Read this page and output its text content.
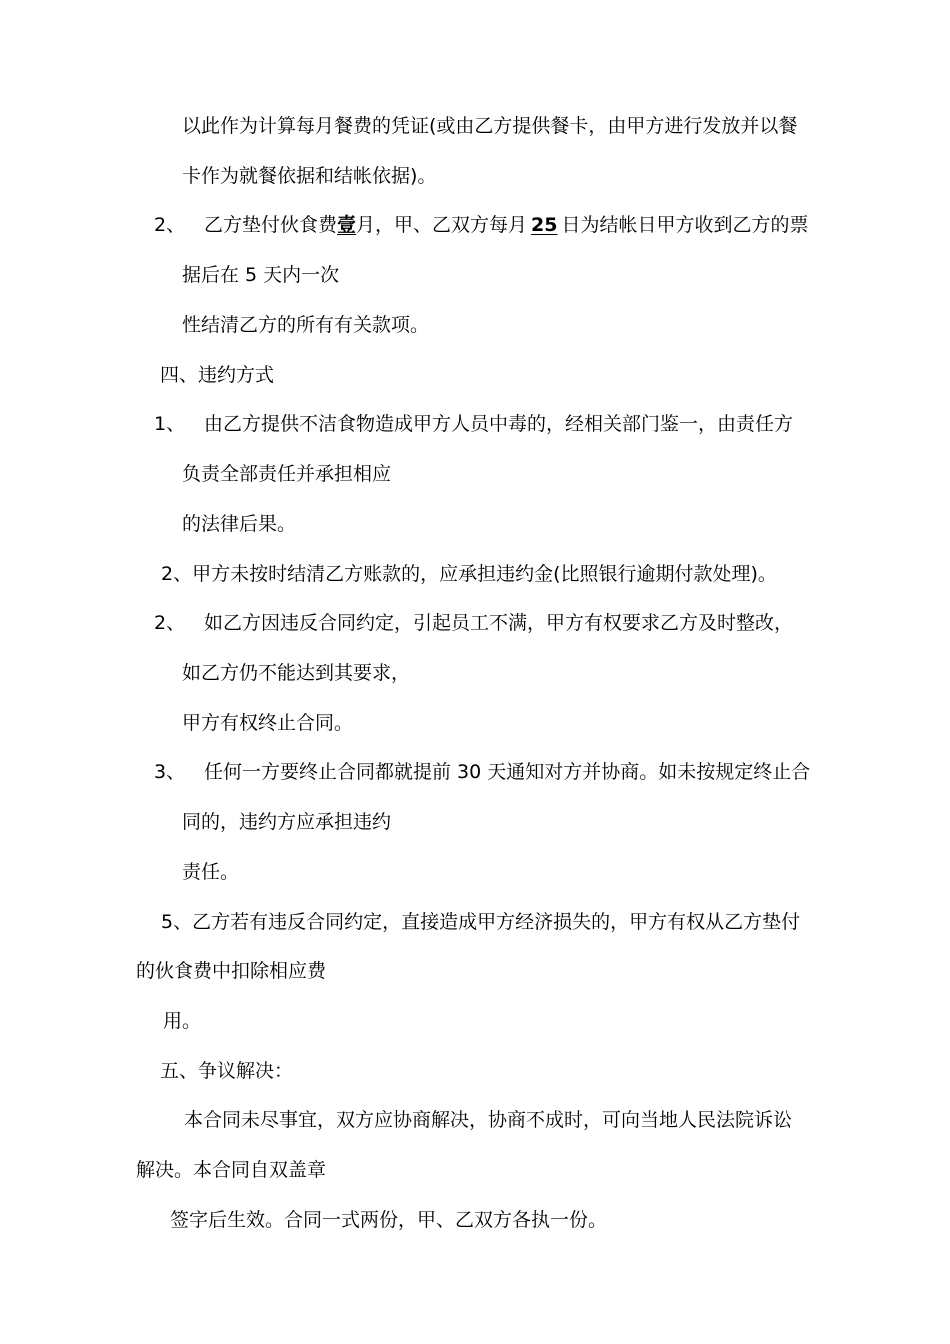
以此作为计算每月餐费的凭证(或由乙方提供餐卡，由甲方进行发放并以餐
卡作为就餐依据和结帐依据)。
2、 乙方垫付伙食费壹月，甲、乙双方每月 25 日为结帐日甲方收到乙方的票
据后在 5 天内一次
性结清乙方的所有有关款项。
四、违约方式
1、 由乙方提供不洁食物造成甲方人员中毒的，经相关部门鉴一，由责任方
负责全部责任并承担相应
的法律后果。
2、甲方未按时结清乙方账款的，应承担违约金(比照银行逾期付款处理)。
2、 如乙方因违反合同约定，引起员工不满，甲方有权要求乙方及时整改，
如乙方仍不能达到其要求，
甲方有权终止合同。
3、 任何一方要终止合同都就提前 30 天通知对方并协商。如未按规定终止合
同的，违约方应承担违约
责任。
5、乙方若有违反合同约定，直接造成甲方经济损失的，甲方有权从乙方垫付
的伙食费中扣除相应费
用。
五、争议解决：
本合同未尽事宜，双方应协商解决，协商不成时，可向当地人民法院诉讼
解决。本合同自双盖章
签字后生效。合同一式两份，甲、乙双方各执一份。
